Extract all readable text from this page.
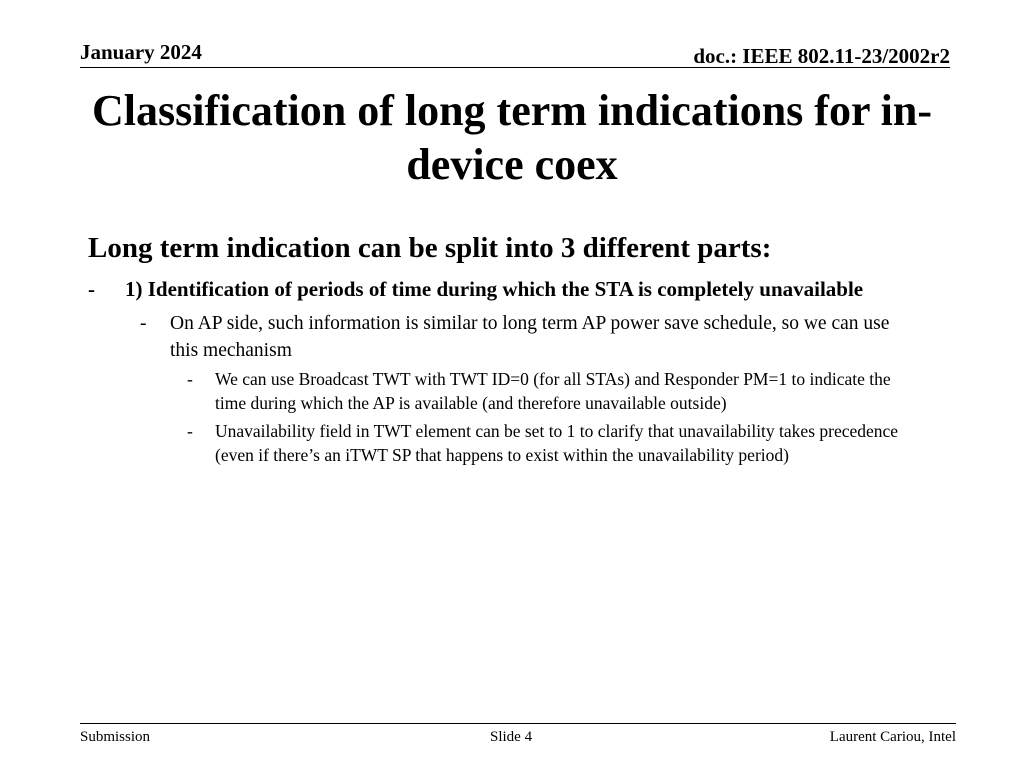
January 2024	doc.: IEEE 802.11-23/2002r2
Classification of long term indications for in-device coex
Long term indication can be split into 3 different parts:
- 1) Identification of periods of time during which the STA is completely unavailable
- On AP side, such information is similar to long term AP power save schedule, so we can use this mechanism
- We can use Broadcast TWT with TWT ID=0 (for all STAs) and Responder PM=1 to indicate the time during which the AP is available (and therefore unavailable outside)
- Unavailability field in TWT element can be set to 1 to clarify that unavailability takes precedence (even if there’s an iTWT SP that happens to exist within the unavailability period)
Submission	Slide 4	Laurent Cariou, Intel
